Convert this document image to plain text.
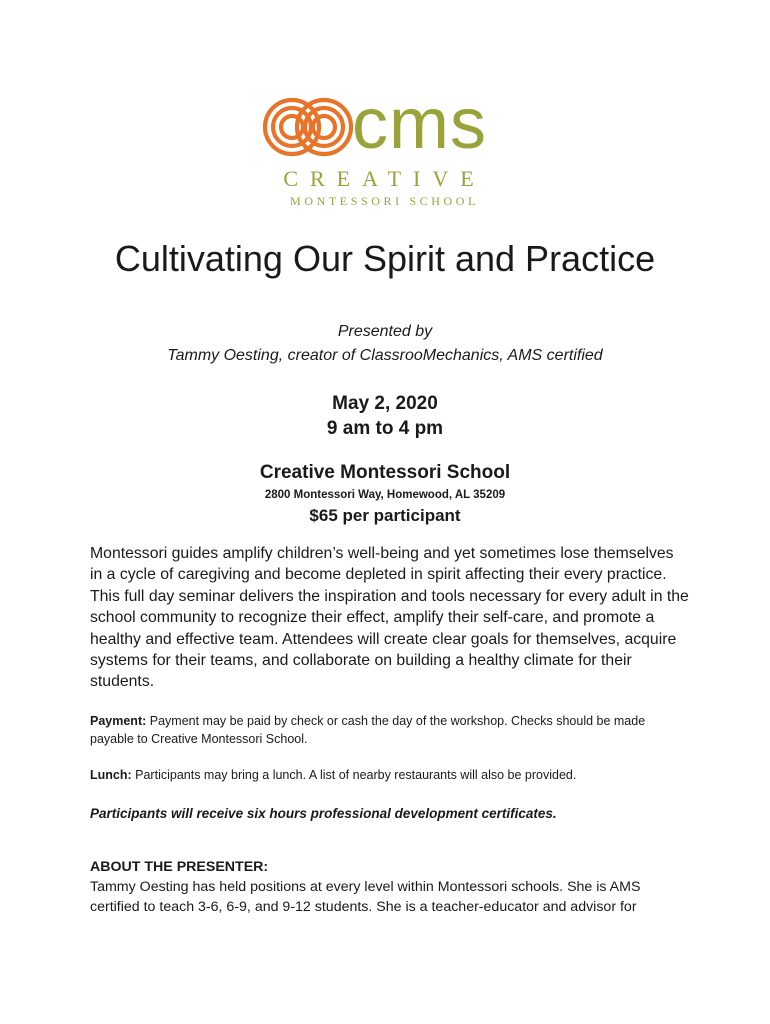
cms
CREATIVE
MONTESSORI SCHOOL
Cultivating Our Spirit and Practice
Presented by
Tammy Oesting, creator of ClassrooMechanics, AMS certified
May 2, 2020
9 am to 4 pm
Creative Montessori School
2800 Montessori Way, Homewood, AL 35209
$65 per participant
Montessori guides amplify children’s well-being and yet sometimes lose themselves in a cycle of caregiving and become depleted in spirit affecting their every practice. This full day seminar delivers the inspiration and tools necessary for every adult in the school community to recognize their effect, amplify their self-care, and promote a healthy and effective team. Attendees will create clear goals for themselves, acquire systems for their teams, and collaborate on building a healthy climate for their students.
Payment: Payment may be paid by check or cash the day of the workshop. Checks should be made payable to Creative Montessori School.
Lunch: Participants may bring a lunch. A list of nearby restaurants will also be provided.
Participants will receive six hours professional development certificates.
ABOUT THE PRESENTER:
Tammy Oesting has held positions at every level within Montessori schools. She is AMS certified to teach 3-6, 6-9, and 9-12 students. She is a teacher-educator and advisor for
